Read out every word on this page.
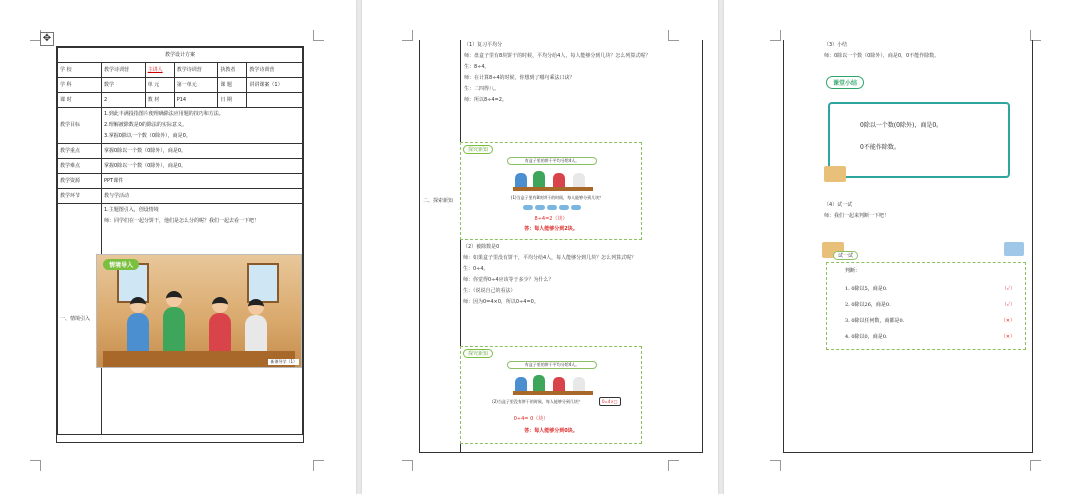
✥
教学设计方案					
学 校	教学诗训营	主讲人	教学诗训营	执教者	教学诗训营
学 科	数学	单 元	第一单元	课 题	讲讲课案（1）
课 时	2	教 材	P14	日 期	
教学目标	1.到此丰满投指图片便理确除法应用题的技巧和方法。
2.理解被除数是0的除法的实际意义。
3.掌握0除以一个数（0除外），商是0。				

教学重点	掌握0除以一个数（0除外），商是0。				
教学难点	掌握0除以一个数（0除外），商是0。				
教学资源	PPT课件				
教学环节	教与学活动				
一、情境引入	1.主题图引入，创设情境
师：同学们在一起分饼干，他们是怎么分的呢？我们一起去看一下吧！				
情境导入
新课导学（1）
二、探索新知
（1）复习平均分
师：盘盒子里有8块饼干的时候，平均分给4人，每人能够分到几块？怎么列算式呢？
生：8÷4。
师：在计算8÷4的时候，你想到了哪句乘法口诀？
生：二四得八。
师：所以8÷4=2。
探究新知
有盒子里的饼干平均分给4人。
(1)当盒子里有8块饼干的时候，每人能够分到几块？
8÷4=2（块）
答：每人能够分到2块。
（2）被除数是0
师：如果盒子里没有饼干，平均分给4人，每人能够分到几块？怎么列算式呢？
生：0÷4。
师：你觉得0÷4应该等于多少？为什么？
生：（说说自己的看法）
师：因为0=4×0，所以0÷4=0。
探究新知
有盒子里的饼干平均分给4人。
(2)当盒子里没有饼干的时候，每人能够分到几块？	0=4×□
0÷4= 0（块）
答：每人能够分到0块。
（3）小结
师：0除以一个数（0除外），商是0，0不能作除数。
课堂小结
（4）试一试
师：我们一起来判断一下吧！
0除以一个数(0除外)，商是0。
0不能作除数。
试一试
判断：
1. 0除以5，商是0.	（✓）
2. 0除以26，商是0.	（✓）
3. 0除以任何数，商都是0.	（✕）
4. 0除以0，商是0.	（✕）
